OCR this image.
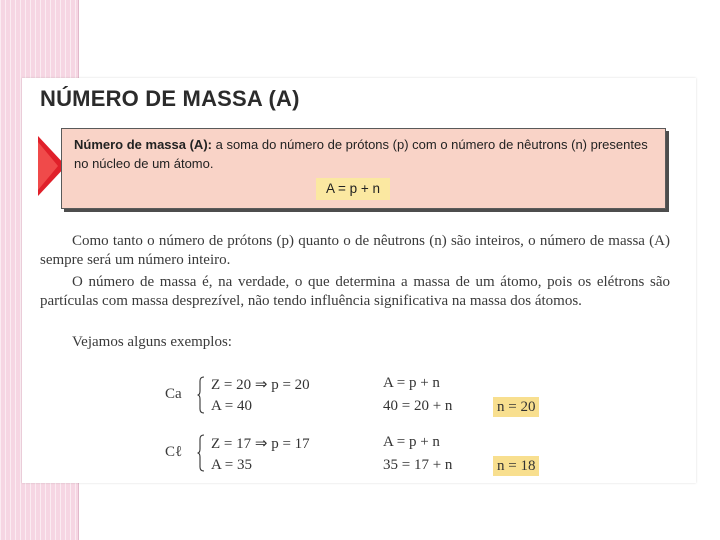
NÚMERO DE MASSA (A)
Número de massa (A): a soma do número de prótons (p) com o número de nêutrons (n) presentes no núcleo de um átomo.
A = p + n
Como tanto o número de prótons (p) quanto o de nêutrons (n) são inteiros, o número de massa (A) sempre será um número inteiro.
O número de massa é, na verdade, o que determina a massa de um átomo, pois os elétrons são partículas com massa desprezível, não tendo influência significativa na massa dos átomos.
Vejamos alguns exemplos:
Ca
Z = 20 ⇒ p = 20
A = 40
A = p + n
40 = 20 + n	n = 20
Cℓ Z = 17 ⇒ p = 17
A = 35
A = p + n
35 = 17 + n	n = 18
